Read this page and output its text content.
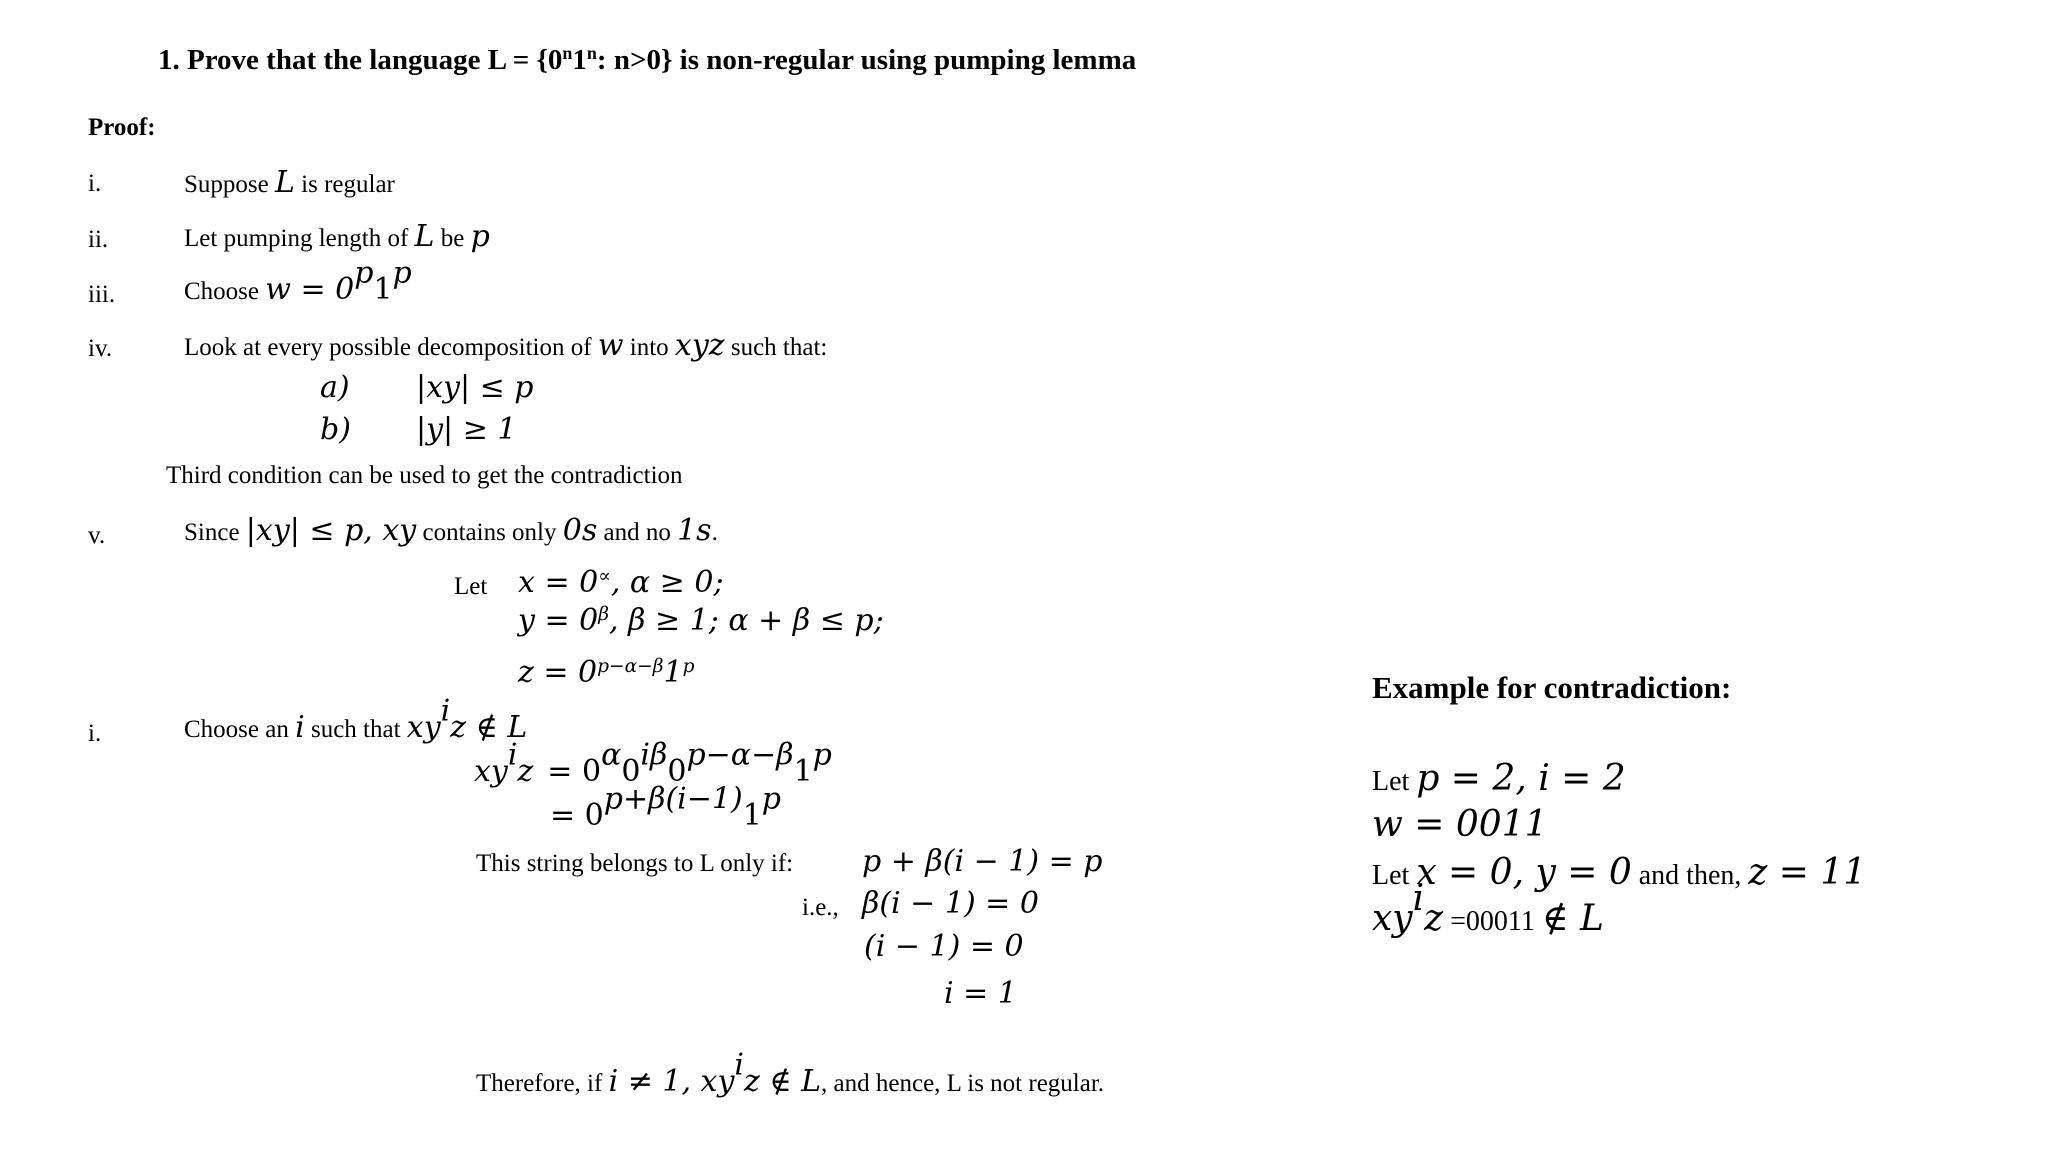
1. Prove that the language $L = \{0^n1^n$: n>0} is non-regular using pumping lemma
Proof:
i.	Suppose L is regular
ii.	Let pumping length of L be p
iii.	Choose $w = 0^p1^p$
iv.	Look at every possible decomposition of w into xyz such that:
a) |xy| ≤ p
b) |y| ≥ 1
Third condition can be used to get the contradiction
v.	Since |xy| ≤ p, xy contains only 0s and no 1s.
Let x = 0∝, α ≥ 0;
$y = 0^\beta$, β ≥ 1; α + β ≤ p;
$z = 0^{p-\alpha-\beta}1^p$
i.	Choose an i such that $xy^iz$ ∉ L
$xy^iz = 0^\alpha 0^{i\beta}0^{p-\alpha-\beta}1^p$
= $0^{p+\beta(i-1)}1^p$
This string belongs to L only if: p + β(i − 1) = p
i.e., β(i − 1) = 0
(i − 1) = 0
i = 1
Therefore, if i ≠ 1, $xy^iz$ ∉ L, and hence, L is not regular.
Example for contradiction:
Let p = 2, i = 2
w = 0011
Let x = 0, y = 0 and then, z = 11
$xy^iz =00011$ ∉ L
